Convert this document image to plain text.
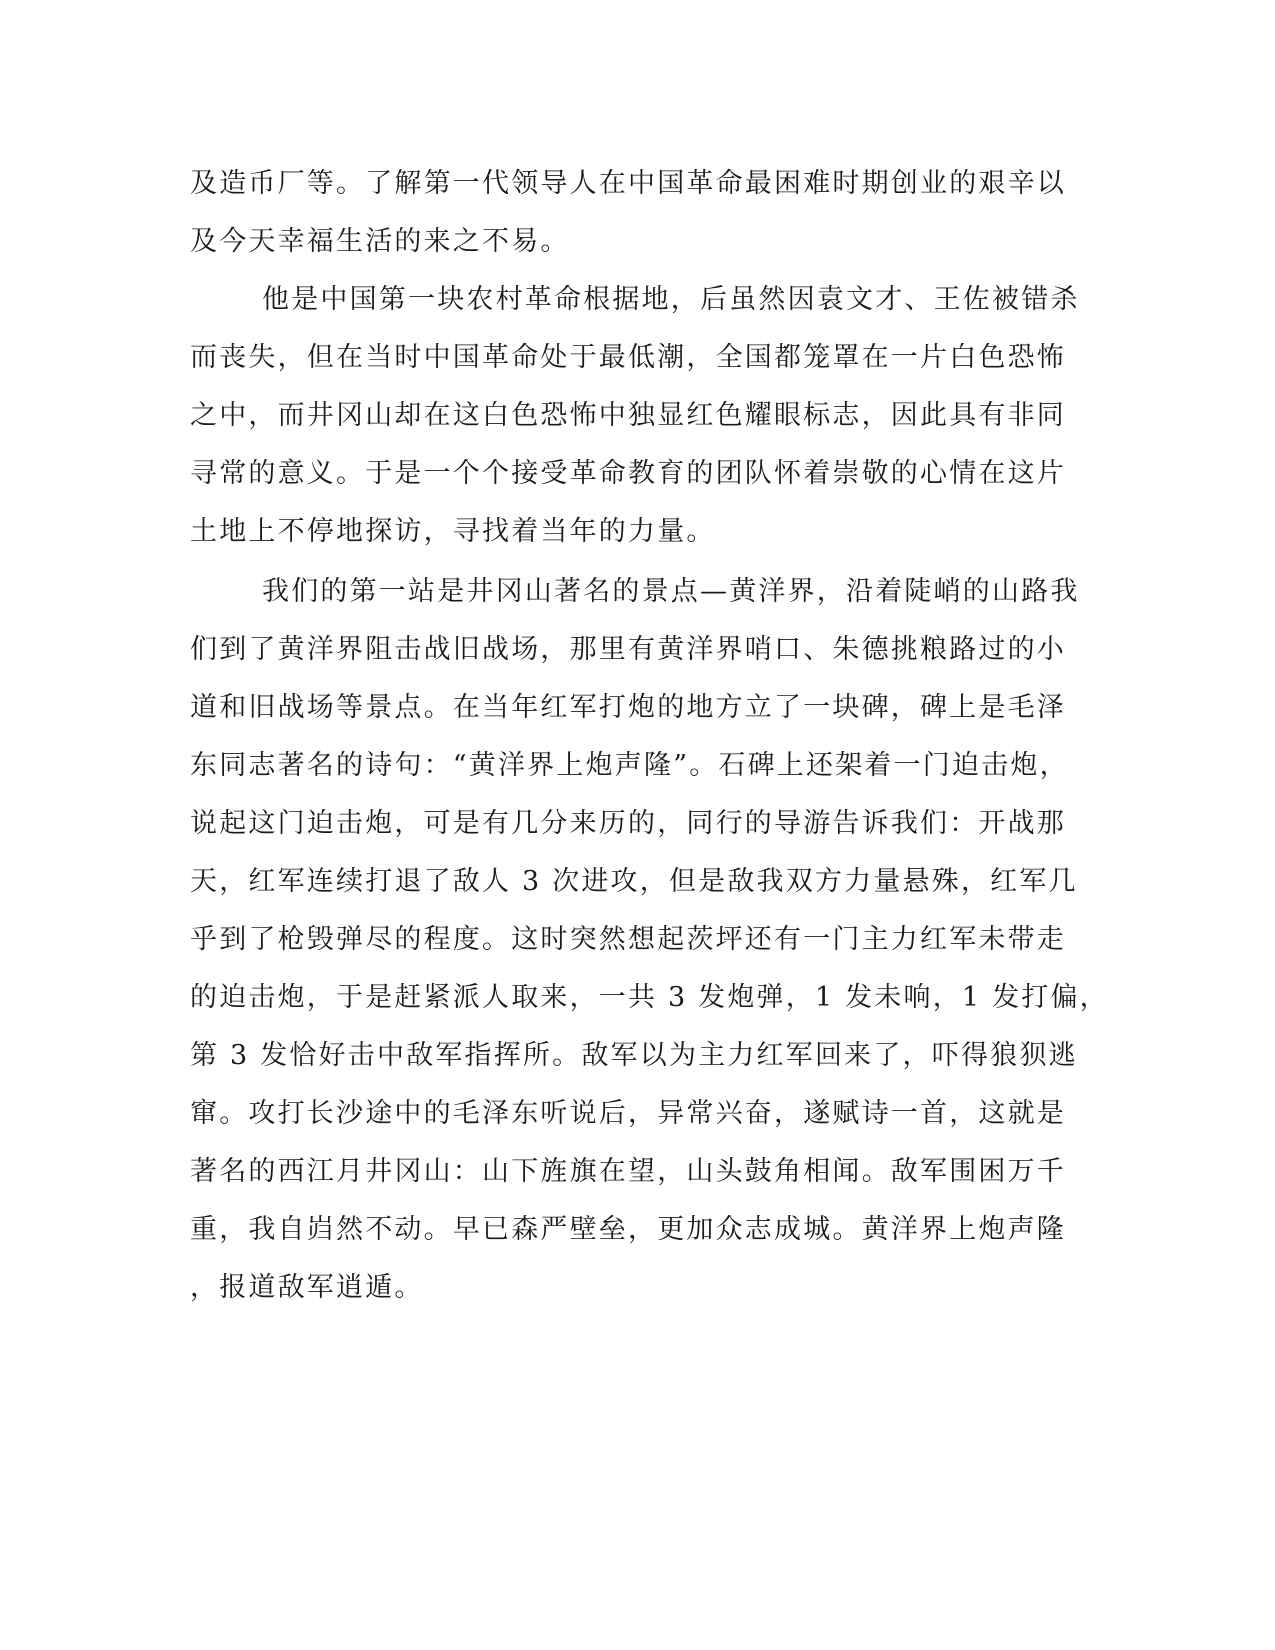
及造币厂等。了解第一代领导人在中国革命最困难时期创业的艰辛以
及今天幸福生活的来之不易。
他是中国第一块农村革命根据地，后虽然因袁文才、王佐被错杀
而丧失，但在当时中国革命处于最低潮，全国都笼罩在一片白色恐怖
之中，而井冈山却在这白色恐怖中独显红色耀眼标志，因此具有非同
寻常的意义。于是一个个接受革命教育的团队怀着崇敬的心情在这片
土地上不停地探访，寻找着当年的力量。
我们的第一站是井冈山著名的景点—黄洋界，沿着陡峭的山路我
们到了黄洋界阻击战旧战场，那里有黄洋界哨口、朱德挑粮路过的小
道和旧战场等景点。在当年红军打炮的地方立了一块碑，碑上是毛泽
东同志著名的诗句：“黄洋界上炮声隆”。石碑上还架着一门迫击炮，
说起这门迫击炮，可是有几分来历的，同行的导游告诉我们：开战那
天，红军连续打退了敌人 3 次进攻，但是敌我双方力量悬殊，红军几
乎到了枪毁弹尽的程度。这时突然想起茨坪还有一门主力红军未带走
的迫击炮，于是赶紧派人取来，一共 3 发炮弹，1 发未响，1 发打偏，
第 3 发恰好击中敌军指挥所。敌军以为主力红军回来了，吓得狼狈逃
窜。攻打长沙途中的毛泽东听说后，异常兴奋，遂赋诗一首，这就是
著名的西江月井冈山：山下旌旗在望，山头鼓角相闻。敌军围困万千
重，我自岿然不动。早已森严壁垒，更加众志成城。黄洋界上炮声隆
，报道敌军逍遁。
